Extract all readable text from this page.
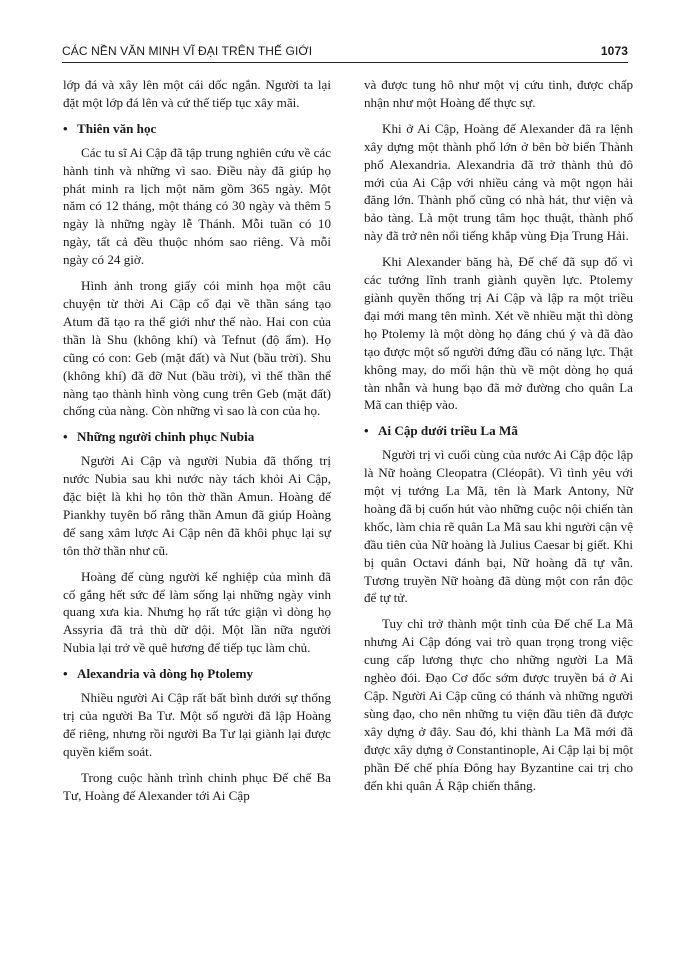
CÁC NỀN VĂN MINH VĨ ĐẠI TRÊN THẾ GIỚI	1073

lớp đá và xây lên một cái dốc ngắn. Người ta lại đặt một lớp đá lên và cứ thế tiếp tục xây mãi.

• Thiên văn học

Các tu sĩ Ai Cập đã tập trung nghiên cứu về các hành tinh và những vì sao. Điều này đã giúp họ phát minh ra lịch một năm gồm 365 ngày. Một năm có 12 tháng, một tháng có 30 ngày và thêm 5 ngày là những ngày lễ Thánh. Mỗi tuần có 10 ngày, tất cả đều thuộc nhóm sao riêng. Và mỗi ngày có 24 giờ.

Hình ảnh trong giấy cói minh họa một câu chuyện từ thời Ai Cập cổ đại về thần sáng tạo Atum đã tạo ra thế giới như thế nào. Hai con của thần là Shu (không khí) và Tefnut (độ ẩm). Họ cũng có con: Geb (mặt đất) và Nut (bầu trời). Shu (không khí) đã đỡ Nut (bầu trời), vì thế thần thể nàng tạo thành hình vòng cung trên Geb (mặt đất) chống của nàng. Còn những vì sao là con của họ.

• Những người chinh phục Nubia

Người Ai Cập và người Nubia đã thống trị nước Nubia sau khi nước này tách khỏi Ai Cập, đặc biệt là khi họ tôn thờ thần Amun. Hoàng đế Piankhy tuyên bố rằng thần Amun đã giúp Hoàng đế sang xâm lược Ai Cập nên đã khôi phục lại sự tôn thờ thần như cũ.

Hoàng đế cùng người kế nghiệp của mình đã cố gắng hết sức để làm sống lại những ngày vinh quang xưa kia. Nhưng họ rất tức giận vì dòng họ Assyria đã trả thù dữ dội. Một lần nữa người Nubia lại trở về quê hương để tiếp tục làm chủ.

• Alexandria và dòng họ Ptolemy

Nhiều người Ai Cập rất bất bình dưới sự thống trị của người Ba Tư. Một số người đã lập Hoàng đế riêng, nhưng rồi người Ba Tư lại giành lại được quyền kiểm soát.

Trong cuộc hành trình chinh phục Đế chế Ba Tư, Hoàng đế Alexander tới Ai Cập

và được tung hô như một vị cứu tinh, được chấp nhận như một Hoàng đế thực sự.

Khi ở Ai Cập, Hoàng đế Alexander đã ra lệnh xây dựng một thành phố lớn ở bên bờ biển Thành phố Alexandria. Alexandria đã trở thành thủ đô mới của Ai Cập với nhiều cảng và một ngọn hải đăng lớn. Thành phố cũng có nhà hát, thư viện và bảo tàng. Là một trung tâm học thuật, thành phố này đã trở nên nổi tiếng khắp vùng Địa Trung Hải.

Khi Alexander băng hà, Đế chế đã sụp đổ vì các tướng lĩnh tranh giành quyền lực. Ptolemy giành quyền thống trị Ai Cập và lập ra một triều đại mới mang tên mình. Xét về nhiều mặt thì dòng họ Ptolemy là một dòng họ đáng chú ý và đã đào tạo được một số người đứng đầu có năng lực. Thật không may, do mối hận thù về một dòng họ quá tàn nhẫn và hung bạo đã mở đường cho quân La Mã can thiệp vào.

• Ai Cập dưới triều La Mã

Người trị vì cuối cùng của nước Ai Cập độc lập là Nữ hoàng Cleopatra (Cléopât). Vì tình yêu với một vị tướng La Mã, tên là Mark Antony, Nữ hoàng đã bị cuốn hút vào những cuộc nội chiến tàn khốc, làm chia rẽ quân La Mã sau khi người cận vệ đầu tiên của Nữ hoàng là Julius Caesar bị giết. Khi bị quân Octavi đánh bại, Nữ hoàng đã tự vẫn. Tương truyền Nữ hoàng đã dùng một con rắn độc để tự tử.

Tuy chỉ trở thành một tỉnh của Đế chế La Mã nhưng Ai Cập đóng vai trò quan trọng trong việc cung cấp lương thực cho những người La Mã nghèo đói. Đạo Cơ đốc sớm được truyền bá ở Ai Cập. Người Ai Cập cũng có thánh và những người sùng đạo, cho nên những tu viện đầu tiên đã được xây dựng ở đây. Sau đó, khi thành La Mã mới đã được xây dựng ở Constantinople, Ai Cập lại bị một phần Đế chế phía Đông hay Byzantine cai trị cho đến khi quân Ả Rập chiến thắng.
